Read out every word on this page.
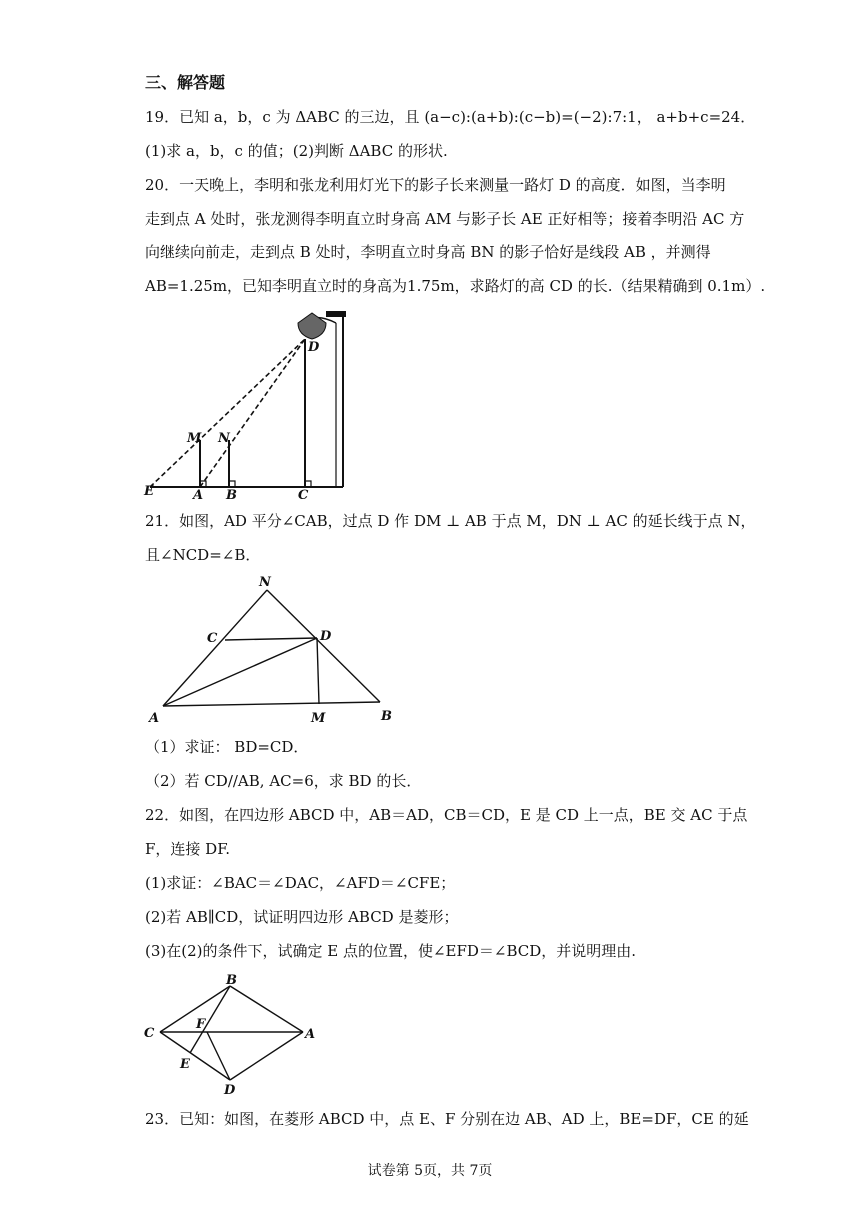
三、解答题
19．已知 a，b，c 为 ΔABC 的三边，且 (a−c):(a+b):(c−b)=(−2):7:1， a+b+c=24．
(1)求 a，b，c 的值；(2)判断 ΔABC 的形状.
20．一天晚上，李明和张龙利用灯光下的影子长来测量一路灯 D 的高度．如图，当李明
走到点 A 处时，张龙测得李明直立时身高 AM 与影子长 AE 正好相等；接着李明沿 AC 方
向继续向前走，走到点 B 处时，李明直立时身高 BN 的影子恰好是线段 AB ，并测得
AB=1.25m，已知李明直立时的身高为1.75m，求路灯的高 CD 的长.（结果精确到 0.1m）.
D
M N
E	A B	C
21．如图，AD 平分∠CAB，过点 D 作 DM ⊥ AB 于点 M，DN ⊥ AC 的延长线于点 N，
且∠NCD=∠B．
N
C	D
A	M	B
（1）求证： BD=CD．
（2）若 CD//AB, AC=6，求 BD 的长．
22．如图，在四边形 ABCD 中，AB＝AD，CB＝CD，E 是 CD 上一点，BE 交 AC 于点
F，连接 DF.
(1)求证：∠BAC＝∠DAC，∠AFD＝∠CFE；
(2)若 AB∥CD，试证明四边形 ABCD 是菱形；
(3)在(2)的条件下，试确定 E 点的位置，使∠EFD＝∠BCD，并说明理由.
B
C
F
A
E
D
23．已知：如图，在菱形 ABCD 中，点 E、F 分别在边 AB、AD 上，BE=DF，CE 的延
试卷第 5页，共 7页
